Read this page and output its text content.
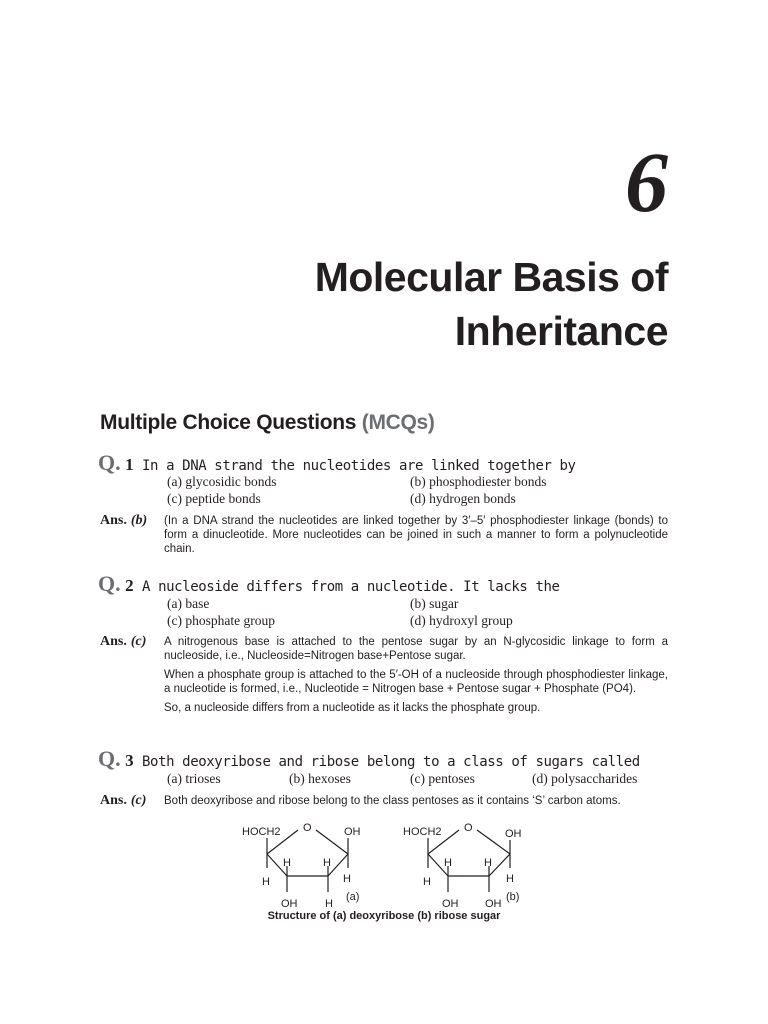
6
Molecular Basis of
Inheritance
Multiple Choice Questions (MCQs)
Q. 1 In a DNA strand the nucleotides are linked together by
(a) glycosidic bonds	(b) phosphodiester bonds
(c) peptide bonds	(d) hydrogen bonds
Ans. (b) (In a DNA strand the nucleotides are linked together by 3′–5′ phosphodiester linkage (bonds) to form a dinucleotide. More nucleotides can be joined in such a manner to form a polynucleotide chain.

Q. 2 A nucleoside differs from a nucleotide. It lacks the
(a) base	(b) sugar
(c) phosphate group	(d) hydroxyl group
Ans. (c) A nitrogenous base is attached to the pentose sugar by an N-glycosidic linkage to form a nucleoside, i.e., Nucleoside=Nitrogen base+Pentose sugar.

When a phosphate group is attached to the 5′-OH of a nucleoside through phosphodiester linkage, a nucleotide is formed, i.e., Nucleotide = Nitrogen base + Pentose sugar + Phosphate (PO4).

So, a nucleoside differs from a nucleotide as it lacks the phosphate group.

Q. 3 Both deoxyribose and ribose belong to a class of sugars called
(a) trioses	(b) hexoses	(c) pentoses	(d) polysaccharides
Ans. (c) Both deoxyribose and ribose belong to the class pentoses as it contains ‘S’ carbon atoms.

HOCH2 O	OH
H	H
H	H
OH	H
(a)
HOCH2 O	OH
H	H
H	H
OH OH
(b)
Structure of (a) deoxyribose (b) ribose sugar
